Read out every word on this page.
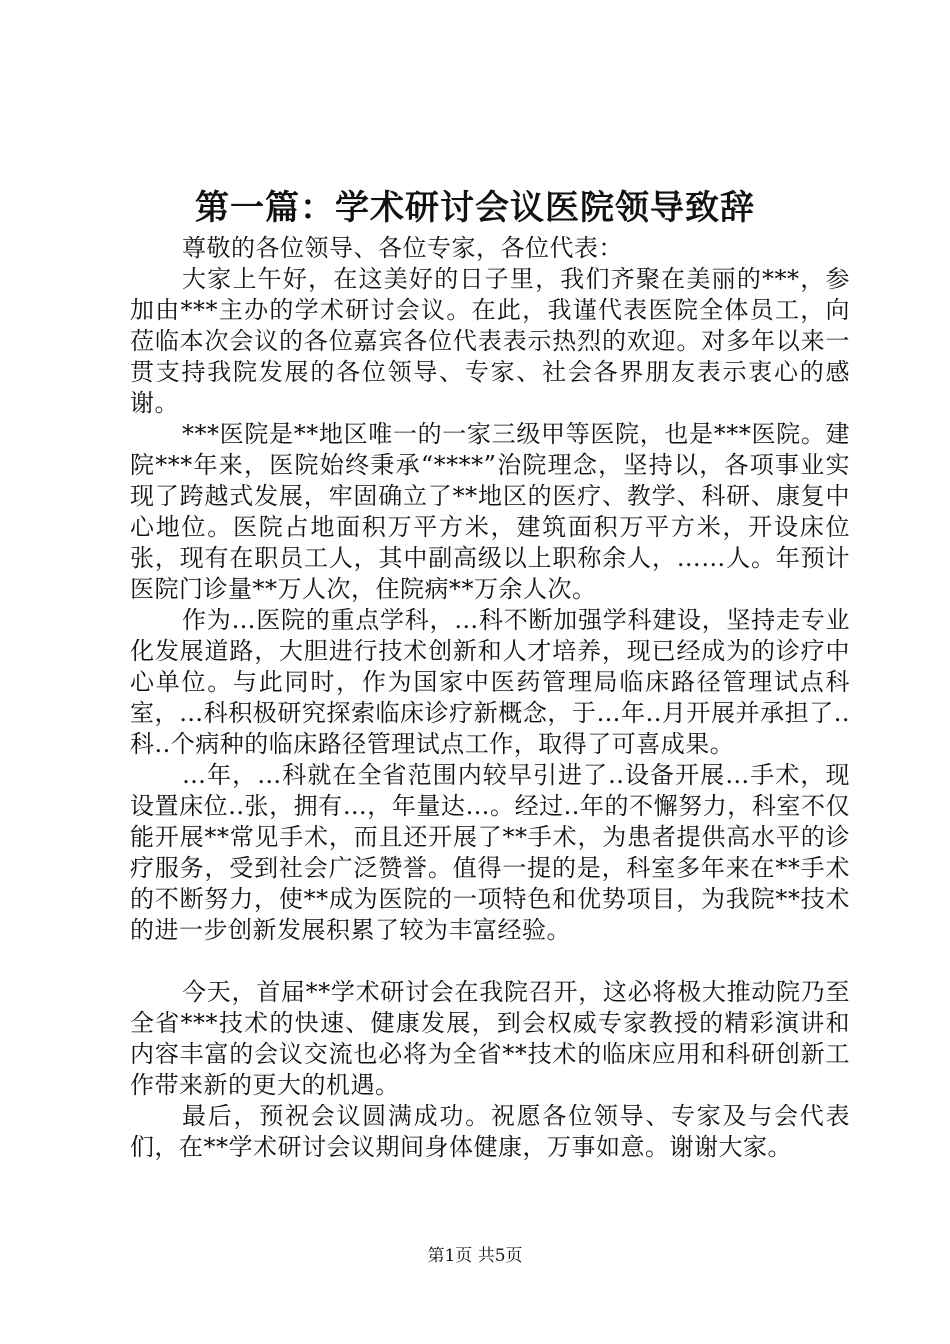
第一篇：学术研讨会议医院领导致辞

尊敬的各位领导、各位专家，各位代表：

大家上午好，在这美好的日子里，我们齐聚在美丽的***，参加由***主办的学术研讨会议。在此，我谨代表医院全体员工，向莅临本次会议的各位嘉宾各位代表表示热烈的欢迎。对多年以来一贯支持我院发展的各位领导、专家、社会各界朋友表示衷心的感谢。

***医院是**地区唯一的一家三级甲等医院，也是***医院。建院***年来，医院始终秉承“****”治院理念，坚持以，各项事业实现了跨越式发展，牢固确立了**地区的医疗、教学、科研、康复中心地位。医院占地面积万平方米，建筑面积万平方米，开设床位张，现有在职员工人，其中副高级以上职称余人，……人。年预计医院门诊量**万人次，住院病**万余人次。

作为…医院的重点学科，…科不断加强学科建设，坚持走专业化发展道路，大胆进行技术创新和人才培养，现已经成为的诊疗中心单位。与此同时，作为国家中医药管理局临床路径管理试点科室，…科积极研究探索临床诊疗新概念，于…年..月开展并承担了..科..个病种的临床路径管理试点工作，取得了可喜成果。

…年，…科就在全省范围内较早引进了..设备开展…手术，现设置床位..张，拥有…，年量达…。经过..年的不懈努力，科室不仅能开展**常见手术，而且还开展了**手术，为患者提供高水平的诊疗服务，受到社会广泛赞誉。值得一提的是，科室多年来在**手术的不断努力，使**成为医院的一项特色和优势项目，为我院**技术的进一步创新发展积累了较为丰富经验。

今天，首届**学术研讨会在我院召开，这必将极大推动院乃至全省***技术的快速、健康发展，到会权威专家教授的精彩演讲和内容丰富的会议交流也必将为全省**技术的临床应用和科研创新工作带来新的更大的机遇。

最后，预祝会议圆满成功。祝愿各位领导、专家及与会代表们，在**学术研讨会议期间身体健康，万事如意。谢谢大家。

第1页 共5页
